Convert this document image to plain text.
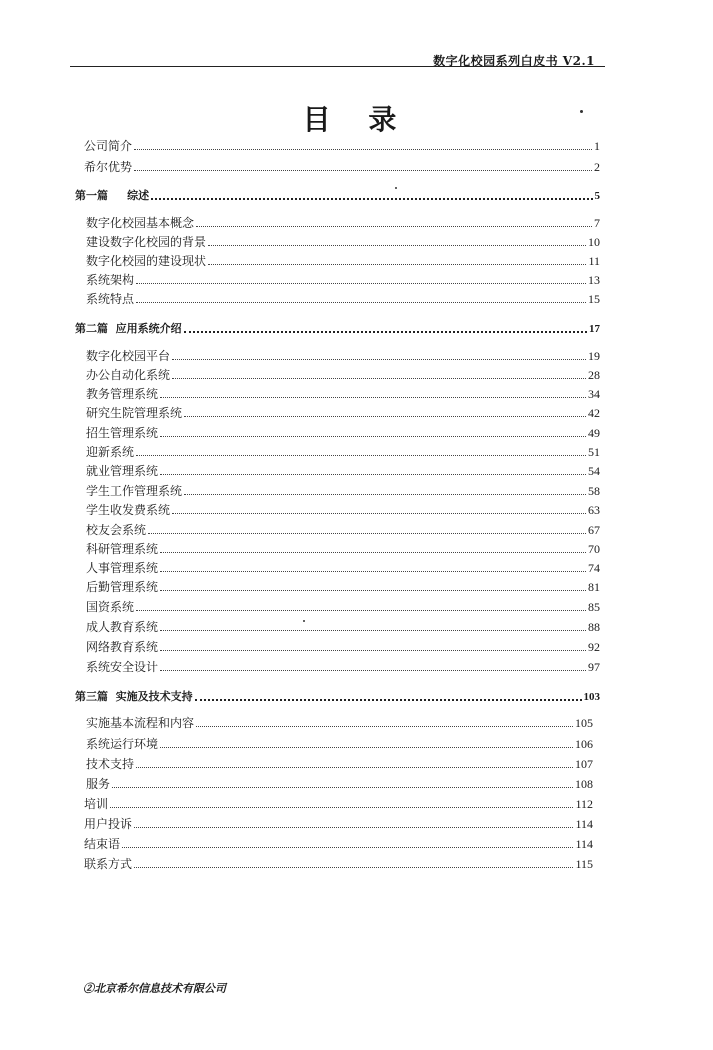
数字化校园系列白皮书 V2.1
目 录
公司简介	1
希尔优势	2
第一篇     综述	5
数字化校园基本概念	7
建设数字化校园的背景	10
数字化校园的建设现状	11
系统架构	13
系统特点	15
第二篇  应用系统介绍	17
数字化校园平台	19
办公自动化系统	28
教务管理系统	34
研究生院管理系统	42
招生管理系统	49
迎新系统	51
就业管理系统	54
学生工作管理系统	58
学生收发费系统	63
校友会系统	67
科研管理系统	70
人事管理系统	74
后勤管理系统	81
国资系统	85
成人教育系统	88
网络教育系统	92
系统安全设计	97
第三篇  实施及技术支持	103
实施基本流程和内容	105
系统运行环境	106
技术支持	107
服务	108
培训	112
用户投诉	114
结束语	114
联系方式	115
②北京希尔信息技术有限公司
